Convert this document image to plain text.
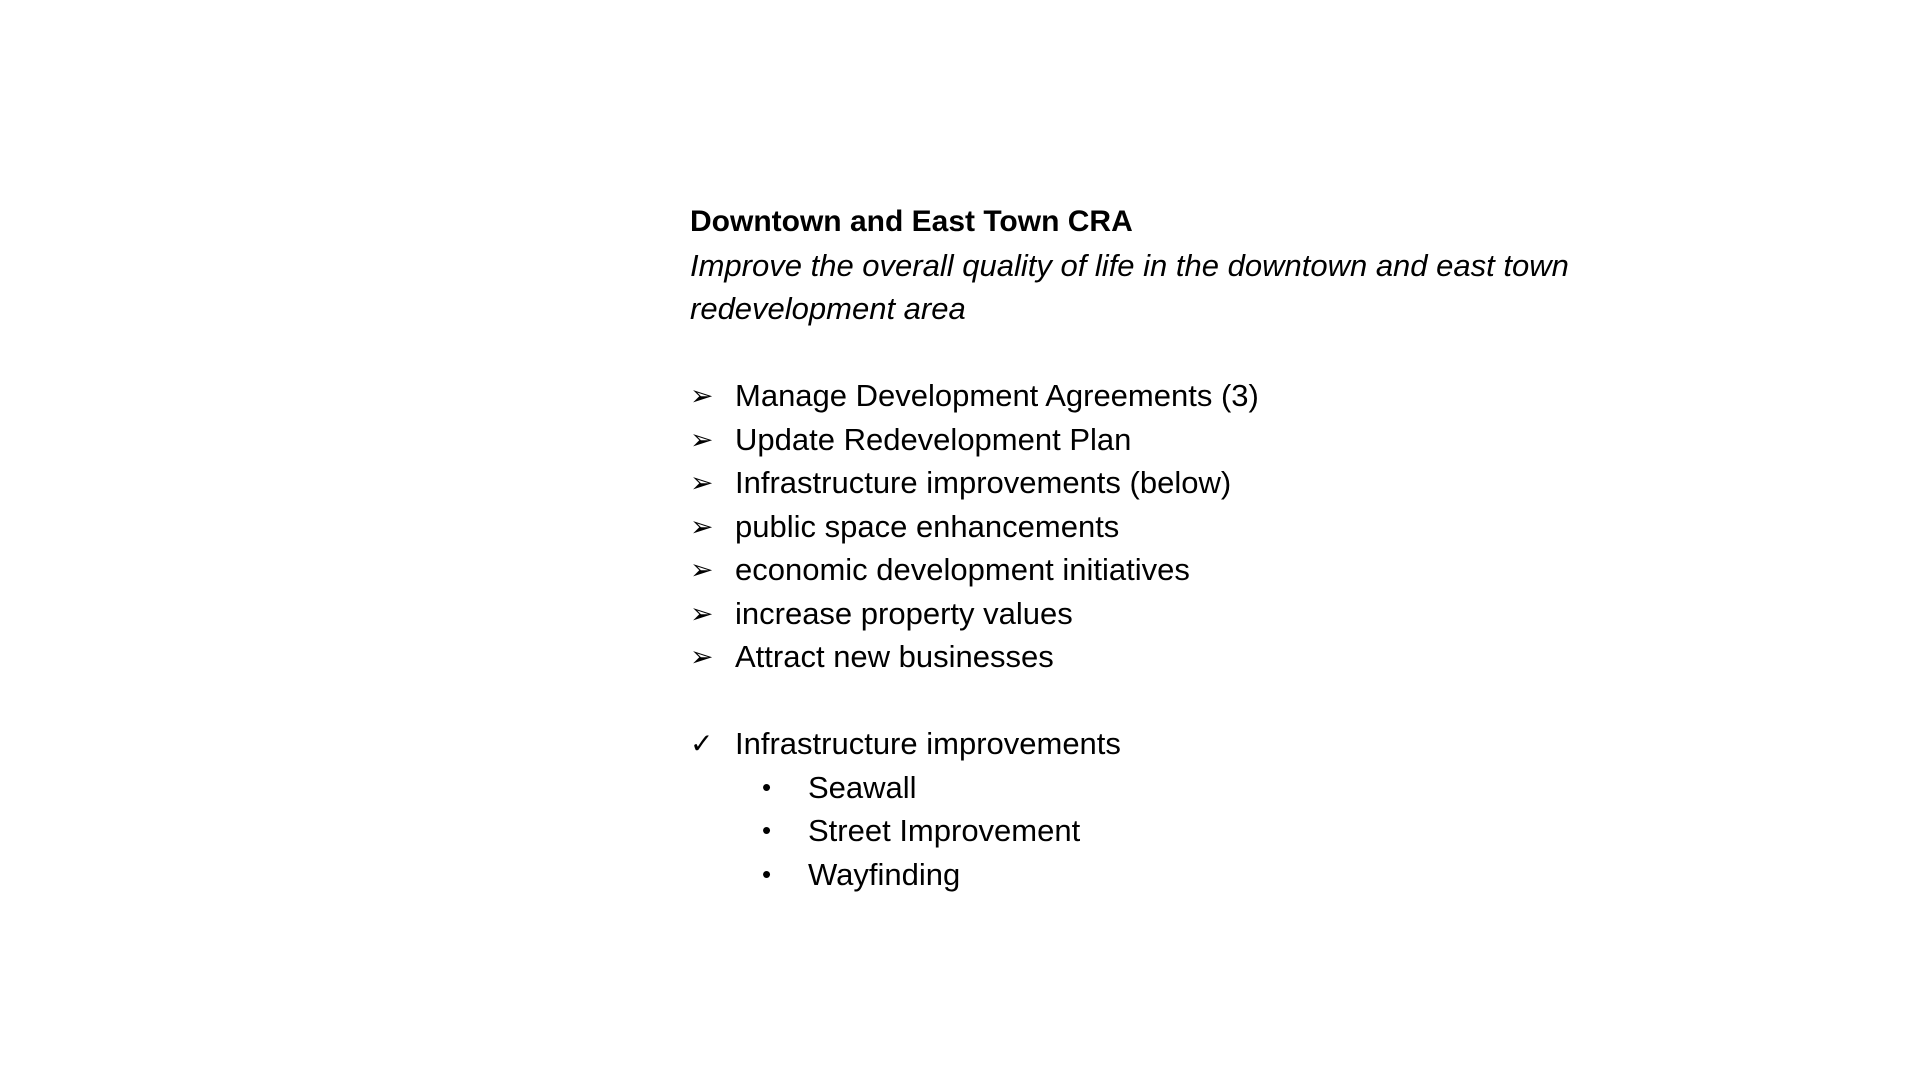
Downtown and East Town CRA
Improve the overall quality of life in the downtown and east town
redevelopment area
➢ Manage Development Agreements (3)
➢ Update Redevelopment Plan
➢ Infrastructure improvements (below)
➢ public space enhancements
➢ economic development initiatives
➢ increase property values
➢ Attract new businesses
✓ Infrastructure improvements
• Seawall
• Street Improvement
• Wayfinding
